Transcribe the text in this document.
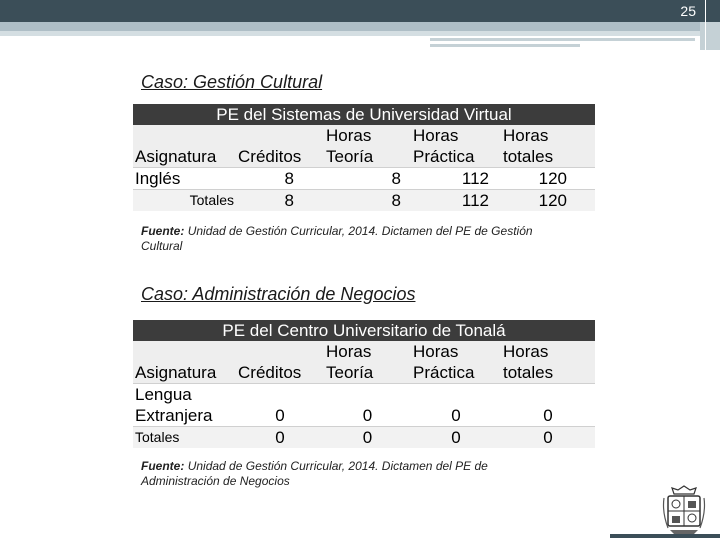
25
Caso: Gestión Cultural
PE del Sistemas de Universidad Virtual				
		Horas	Horas	Horas
Asignatura	Créditos	Teoría	Práctica	totales
Inglés	8	8	112	120
Totales	8	8	112	120
Fuente: Unidad de Gestión Curricular, 2014. Dictamen del PE de Gestión Cultural
Caso: Administración de Negocios
PE del Centro Universitario de Tonalá				
		Horas	Horas	Horas
Asignatura	Créditos	Teoría	Práctica	totales
Lengua				
Extranjera	0	0	0	0
Totales	0	0	0	0
Fuente: Unidad de Gestión Curricular, 2014. Dictamen del PE de Administración de Negocios
